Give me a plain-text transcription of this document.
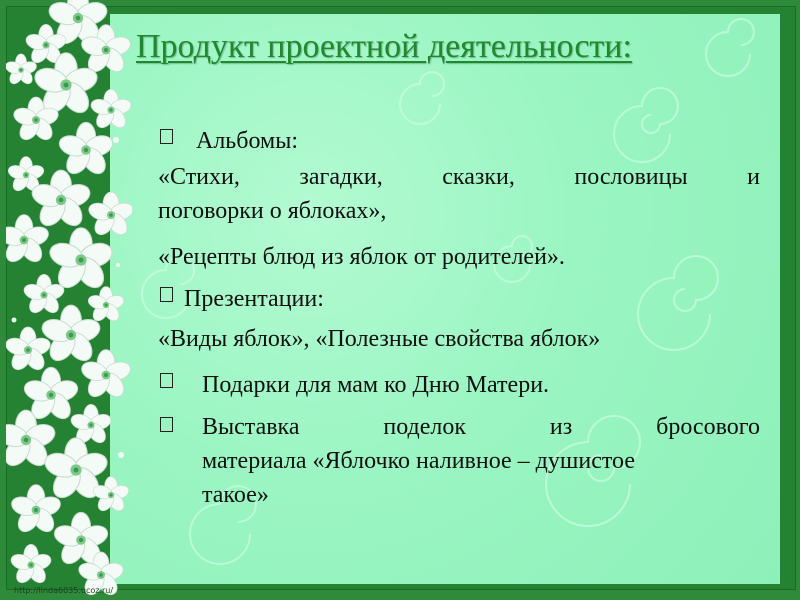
Продукт проектной деятельности:
Альбомы:
«Стихи,  загадки,  сказки,  пословицы  и
поговорки о яблоках»,
«Рецепты блюд из яблок от родителей».
Презентации:
«Виды яблок», «Полезные свойства яблок»
Подарки для мам ко Дню Матери.
Выставка   поделок   из   бросового
материала «Яблочко наливное – душистое
такое»
http://linda6035.ucoz.ru/
